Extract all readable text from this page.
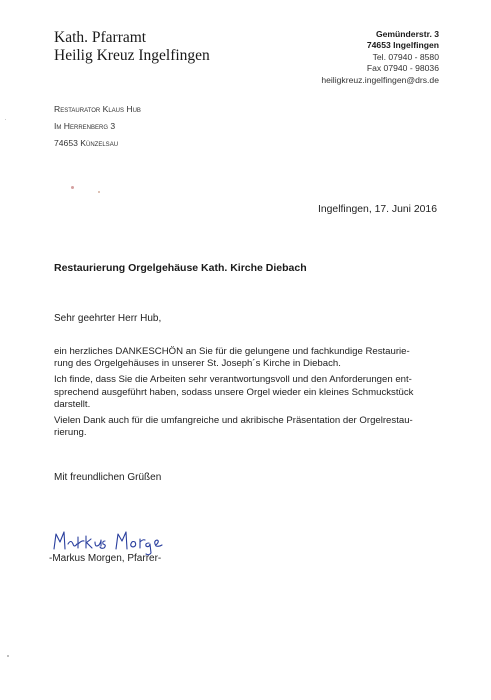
Kath. Pfarramt
Heilig Kreuz Ingelfingen
Gemünderstr. 3
74653 Ingelfingen
Tel. 07940 - 8580
Fax 07940 - 98036
heiligkreuz.ingelfingen@drs.de
Restaurator Klaus Hub
Im Herrenberg 3
74653 Künzelsau
Ingelfingen, 17. Juni 2016
Restaurierung Orgelgehäuse Kath. Kirche Diebach
Sehr geehrter Herr Hub,

ein herzliches DANKESCHÖN an Sie für die gelungene und fachkundige Restaurie-
rung des Orgelgehäuses in unserer St. Joseph´s Kirche in Diebach.

Ich finde, dass Sie die Arbeiten sehr verantwortungsvoll und den Anforderungen ent-
sprechend ausgeführt haben, sodass unsere Orgel wieder ein kleines Schmuckstück
darstellt.

Vielen Dank auch für die umfangreiche und akribische Präsentation der Orgelrestau-
rierung.

Mit freundlichen Grüßen
-Markus Morgen, Pfarrer-
